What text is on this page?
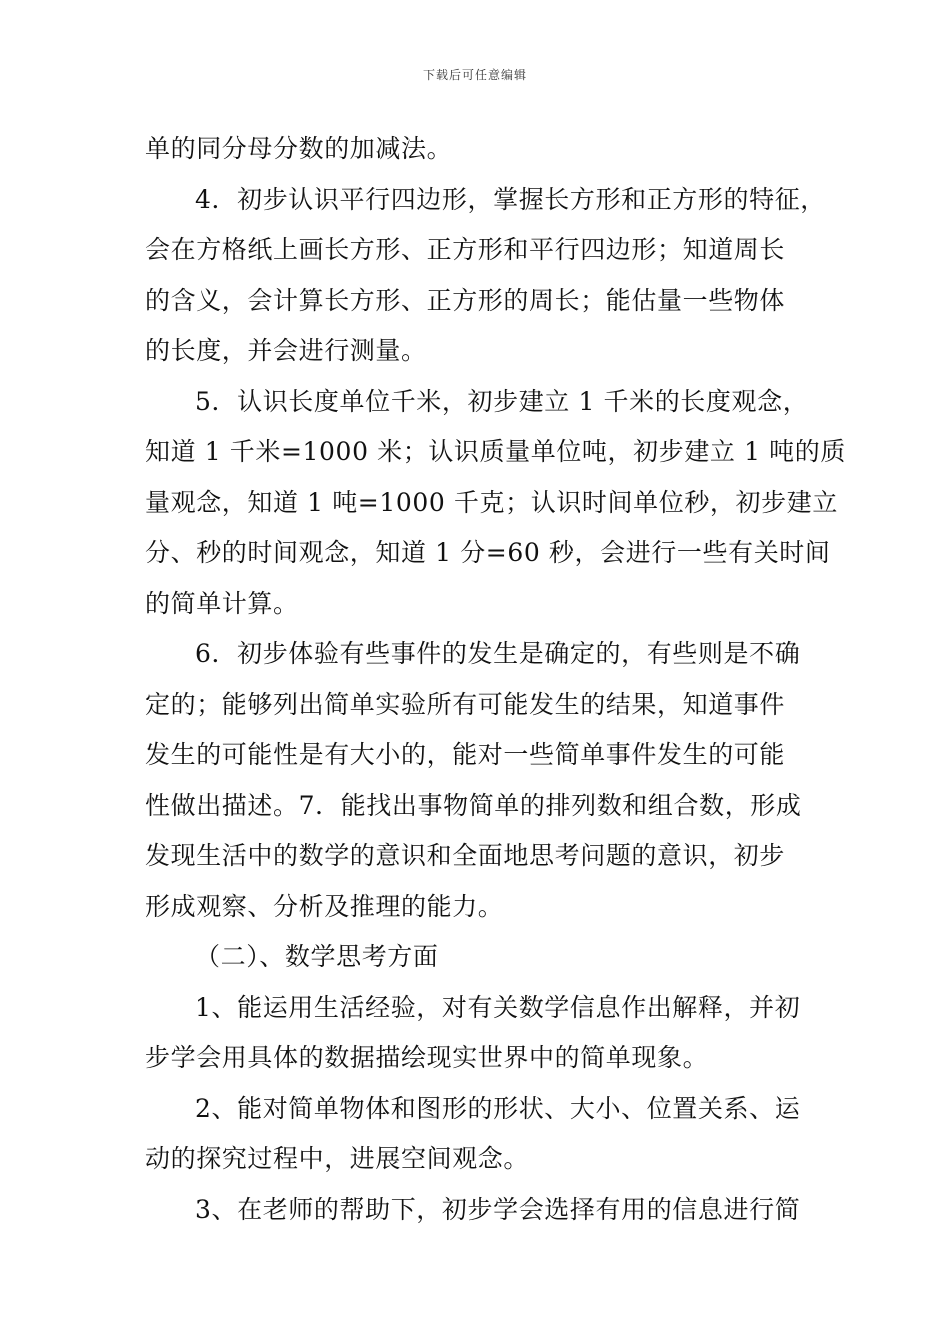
下载后可任意编辑
单的同分母分数的加减法。
4．初步认识平行四边形，掌握长方形和正方形的特征，
会在方格纸上画长方形、正方形和平行四边形；知道周长
的含义，会计算长方形、正方形的周长；能估量一些物体
的长度，并会进行测量。
5．认识长度单位千米，初步建立 1 千米的长度观念，
知道 1 千米=1000 米；认识质量单位吨，初步建立 1 吨的质
量观念，知道 1 吨=1000 千克；认识时间单位秒，初步建立
分、秒的时间观念，知道 1 分=60 秒，会进行一些有关时间
的简单计算。
6．初步体验有些事件的发生是确定的，有些则是不确
定的；能够列出简单实验所有可能发生的结果，知道事件
发生的可能性是有大小的，能对一些简单事件发生的可能
性做出描述。7．能找出事物简单的排列数和组合数，形成
发现生活中的数学的意识和全面地思考问题的意识，初步
形成观察、分析及推理的能力。
（二）、数学思考方面
1、能运用生活经验，对有关数学信息作出解释，并初
步学会用具体的数据描绘现实世界中的简单现象。
2、能对简单物体和图形的形状、大小、位置关系、运
动的探究过程中，进展空间观念。
3、在老师的帮助下，初步学会选择有用的信息进行简
